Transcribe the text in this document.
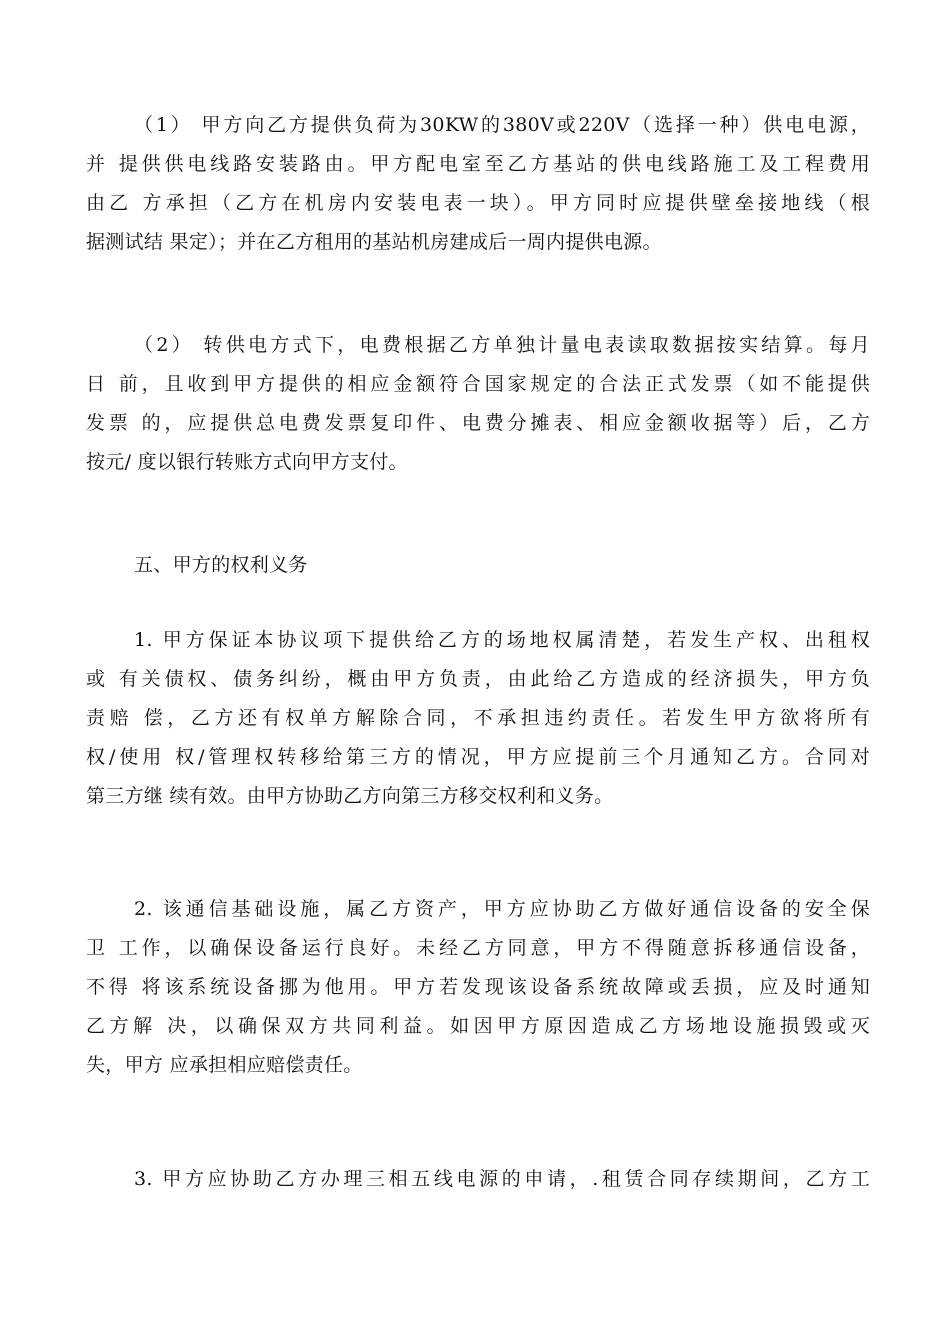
（1） 甲方向乙方提供负荷为30KW的380V或220V（选择一种）供电电源，
并 提供供电线路安装路由。甲方配电室至乙方基站的供电线路施工及工程费用
由乙 方承担（乙方在机房内安装电表一块）。甲方同时应提供壁垒接地线（根
据测试结 果定）；并在乙方租用的基站机房建成后一周内提供电源。

（2） 转供电方式下，电费根据乙方单独计量电表读取数据按实结算。每月
日 前，且收到甲方提供的相应金额符合国家规定的合法正式发票（如不能提供
发票 的，应提供总电费发票复印件、电费分摊表、相应金额收据等）后，乙方
按元/ 度以银行转账方式向甲方支付。

五、甲方的权利义务

1. 甲方保证本协议项下提供给乙方的场地权属清楚，若发生产权、出租权
或 有关债权、债务纠纷，概由甲方负责，由此给乙方造成的经济损失，甲方负
责赔 偿，乙方还有权单方解除合同，不承担违约责任。若发生甲方欲将所有
权/使用 权/管理权转移给第三方的情况，甲方应提前三个月通知乙方。合同对
第三方继 续有效。由甲方协助乙方向第三方移交权利和义务。

2. 该通信基础设施，属乙方资产，甲方应协助乙方做好通信设备的安全保
卫 工作，以确保设备运行良好。未经乙方同意，甲方不得随意拆移通信设备，
不得 将该系统设备挪为他用。甲方若发现该设备系统故障或丢损，应及时通知
乙方解 决，以确保双方共同利益。如因甲方原因造成乙方场地设施损毁或灭
失，甲方 应承担相应赔偿责任。

3. 甲方应协助乙方办理三相五线电源的申请，.租赁合同存续期间，乙方工
